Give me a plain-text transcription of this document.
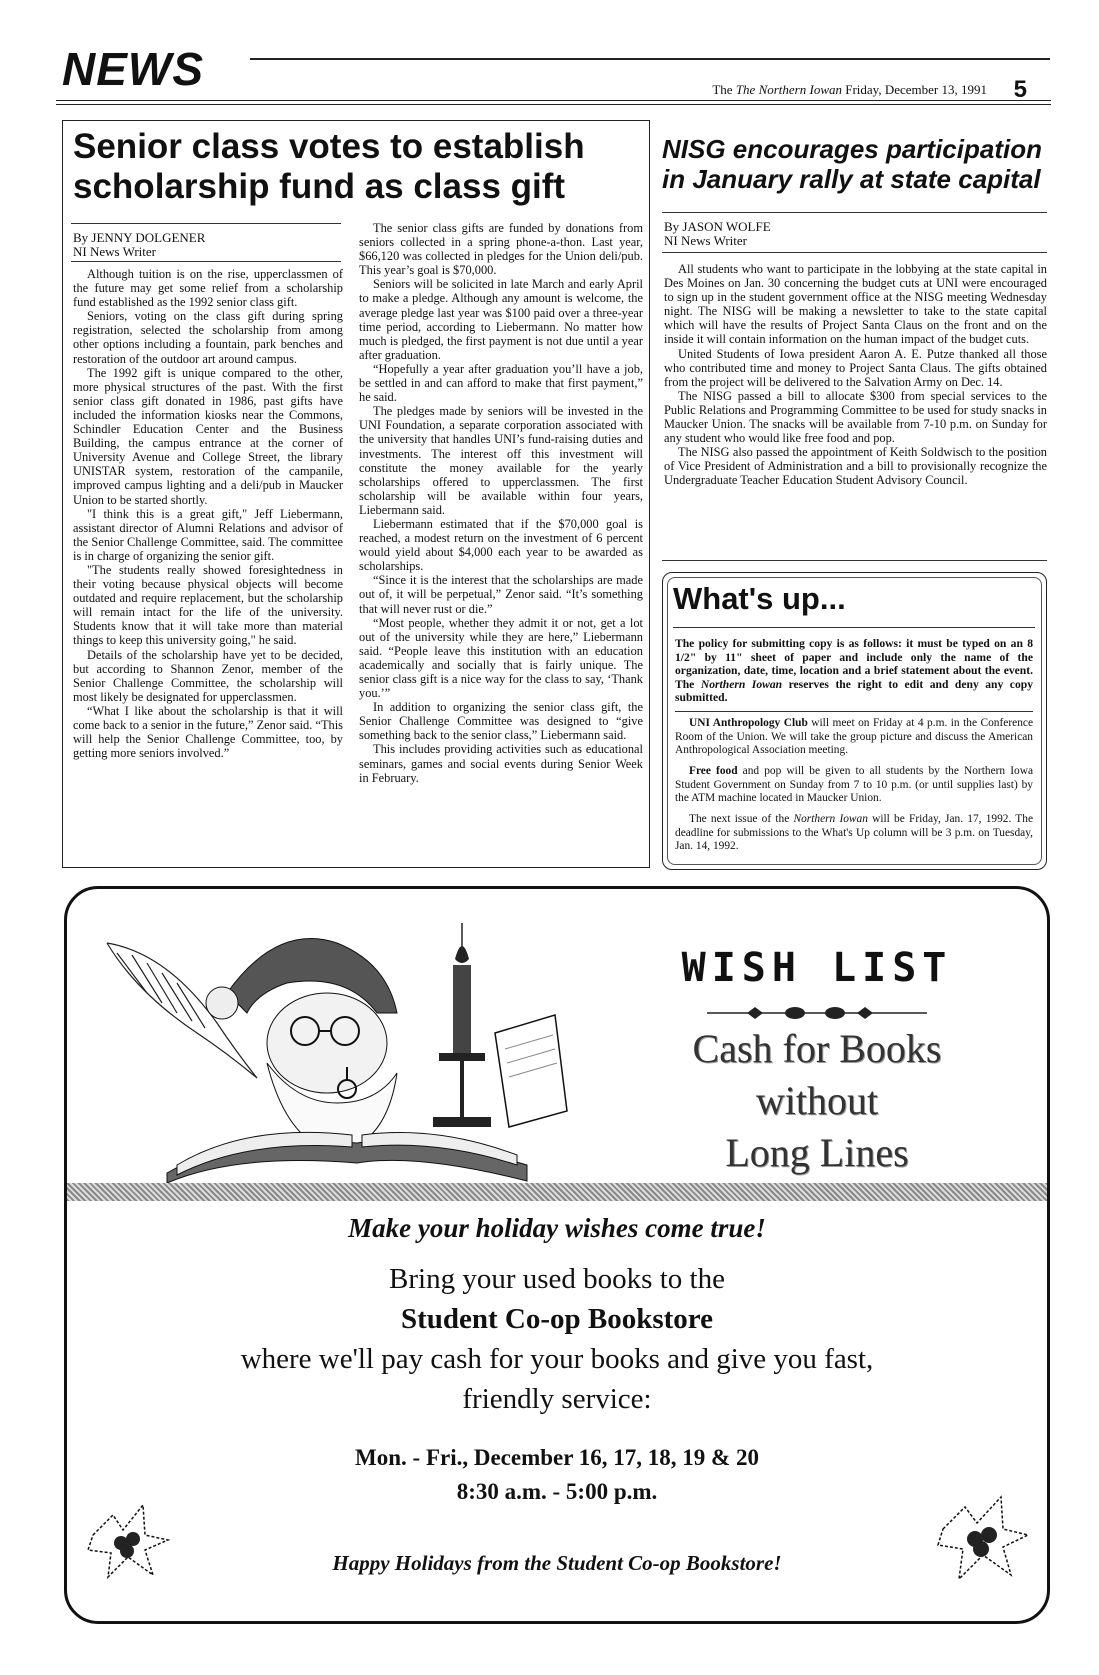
NEWS	The The Northern Iowan Friday, December 13, 1991 5
Senior class votes to establish scholarship fund as class gift
By JENNY DOLGENER
NI News Writer

Although tuition is on the rise, upperclassmen of the future may get some relief from a scholarship fund established as the 1992 senior class gift.

Seniors, voting on the class gift during spring registration, selected the scholarship from among other options including a fountain, park benches and restoration of the outdoor art around campus.

The 1992 gift is unique compared to the other, more physical structures of the past. With the first senior class gift donated in 1986, past gifts have included the information kiosks near the Commons, Schindler Education Center and the Business Building, the campus entrance at the corner of University Avenue and College Street, the library UNISTAR system, restoration of the campanile, improved campus lighting and a deli/pub in Maucker Union to be started shortly.

"I think this is a great gift," Jeff Liebermann, assistant director of Alumni Relations and advisor of the Senior Challenge Committee, said. The committee is in charge of organizing the senior gift.

"The students really showed foresightedness in their voting because physical objects will become outdated and require replacement, but the scholarship will remain intact for the life of the university. Students know that it will take more than material things to keep this university going," he said.

Details of the scholarship have yet to be decided, but according to Shannon Zenor, member of the Senior Challenge Committee, the scholarship will most likely be designated for upperclassmen.

“What I like about the scholarship is that it will come back to a senior in the future,” Zenor said. “This will help the Senior Challenge Committee, too, by getting more seniors involved.”

The senior class gifts are funded by donations from seniors collected in a spring phone-a-thon. Last year, $66,120 was collected in pledges for the Union deli/pub. This year’s goal is $70,000.

Seniors will be solicited in late March and early April to make a pledge. Although any amount is welcome, the average pledge last year was $100 paid over a three-year time period, according to Liebermann. No matter how much is pledged, the first payment is not due until a year after graduation.

“Hopefully a year after graduation you’ll have a job, be settled in and can afford to make that first payment,” he said.

The pledges made by seniors will be invested in the UNI Foundation, a separate corporation associated with the university that handles UNI’s fund-raising duties and investments. The interest off this investment will constitute the money available for the yearly scholarships offered to upperclassmen. The first scholarship will be available within four years, Liebermann said.

Liebermann estimated that if the $70,000 goal is reached, a modest return on the investment of 6 percent would yield about $4,000 each year to be awarded as scholarships.

“Since it is the interest that the scholarships are made out of, it will be perpetual,” Zenor said. “It’s something that will never rust or die.”

“Most people, whether they admit it or not, get a lot out of the university while they are here,” Liebermann said. “People leave this institution with an education academically and socially that is fairly unique. The senior class gift is a nice way for the class to say, ‘Thank you.’”

In addition to organizing the senior class gift, the Senior Challenge Committee was designed to “give something back to the senior class,” Liebermann said.

This includes providing activities such as educational seminars, games and social events during Senior Week in February.

NISG encourages participation in January rally at state capital
By JASON WOLFE
NI News Writer

All students who want to participate in the lobbying at the state capital in Des Moines on Jan. 30 concerning the budget cuts at UNI were encouraged to sign up in the student government office at the NISG meeting Wednesday night. The NISG will be making a newsletter to take to the state capital which will have the results of Project Santa Claus on the front and on the inside it will contain information on the human impact of the budget cuts.

United Students of Iowa president Aaron A. E. Putze thanked all those who contributed time and money to Project Santa Claus. The gifts obtained from the project will be delivered to the Salvation Army on Dec. 14.

The NISG passed a bill to allocate $300 from special services to the Public Relations and Programming Committee to be used for study snacks in Maucker Union. The snacks will be available from 7-10 p.m. on Sunday for any student who would like free food and pop.

The NISG also passed the appointment of Keith Soldwisch to the position of Vice President of Administration and a bill to provisionally recognize the Undergraduate Teacher Education Student Advisory Council.

What's up...
The policy for submitting copy is as follows: it must be typed on an 8 1/2" by 11" sheet of paper and include only the name of the organization, date, time, location and a brief statement about the event. The Northern Iowan reserves the right to edit and deny any copy submitted.
UNI Anthropology Club will meet on Friday at 4 p.m. in the Conference Room of the Union. We will take the group picture and discuss the American Anthropological Association meeting.
Free food and pop will be given to all students by the Northern Iowa Student Government on Sunday from 7 to 10 p.m. (or until supplies last) by the ATM machine located in Maucker Union.
The next issue of the Northern Iowan will be Friday, Jan. 17, 1992. The deadline for submissions to the What's Up column will be 3 p.m. on Tuesday, Jan. 14, 1992.
WISH LIST
Cash for Books
without
Long Lines
Make your holiday wishes come true!
Bring your used books to the
Student Co-op Bookstore
where we'll pay cash for your books and give you fast,
friendly service:
Mon. - Fri., December 16, 17, 18, 19 & 20
8:30 a.m. - 5:00 p.m.
Happy Holidays from the Student Co-op Bookstore!
